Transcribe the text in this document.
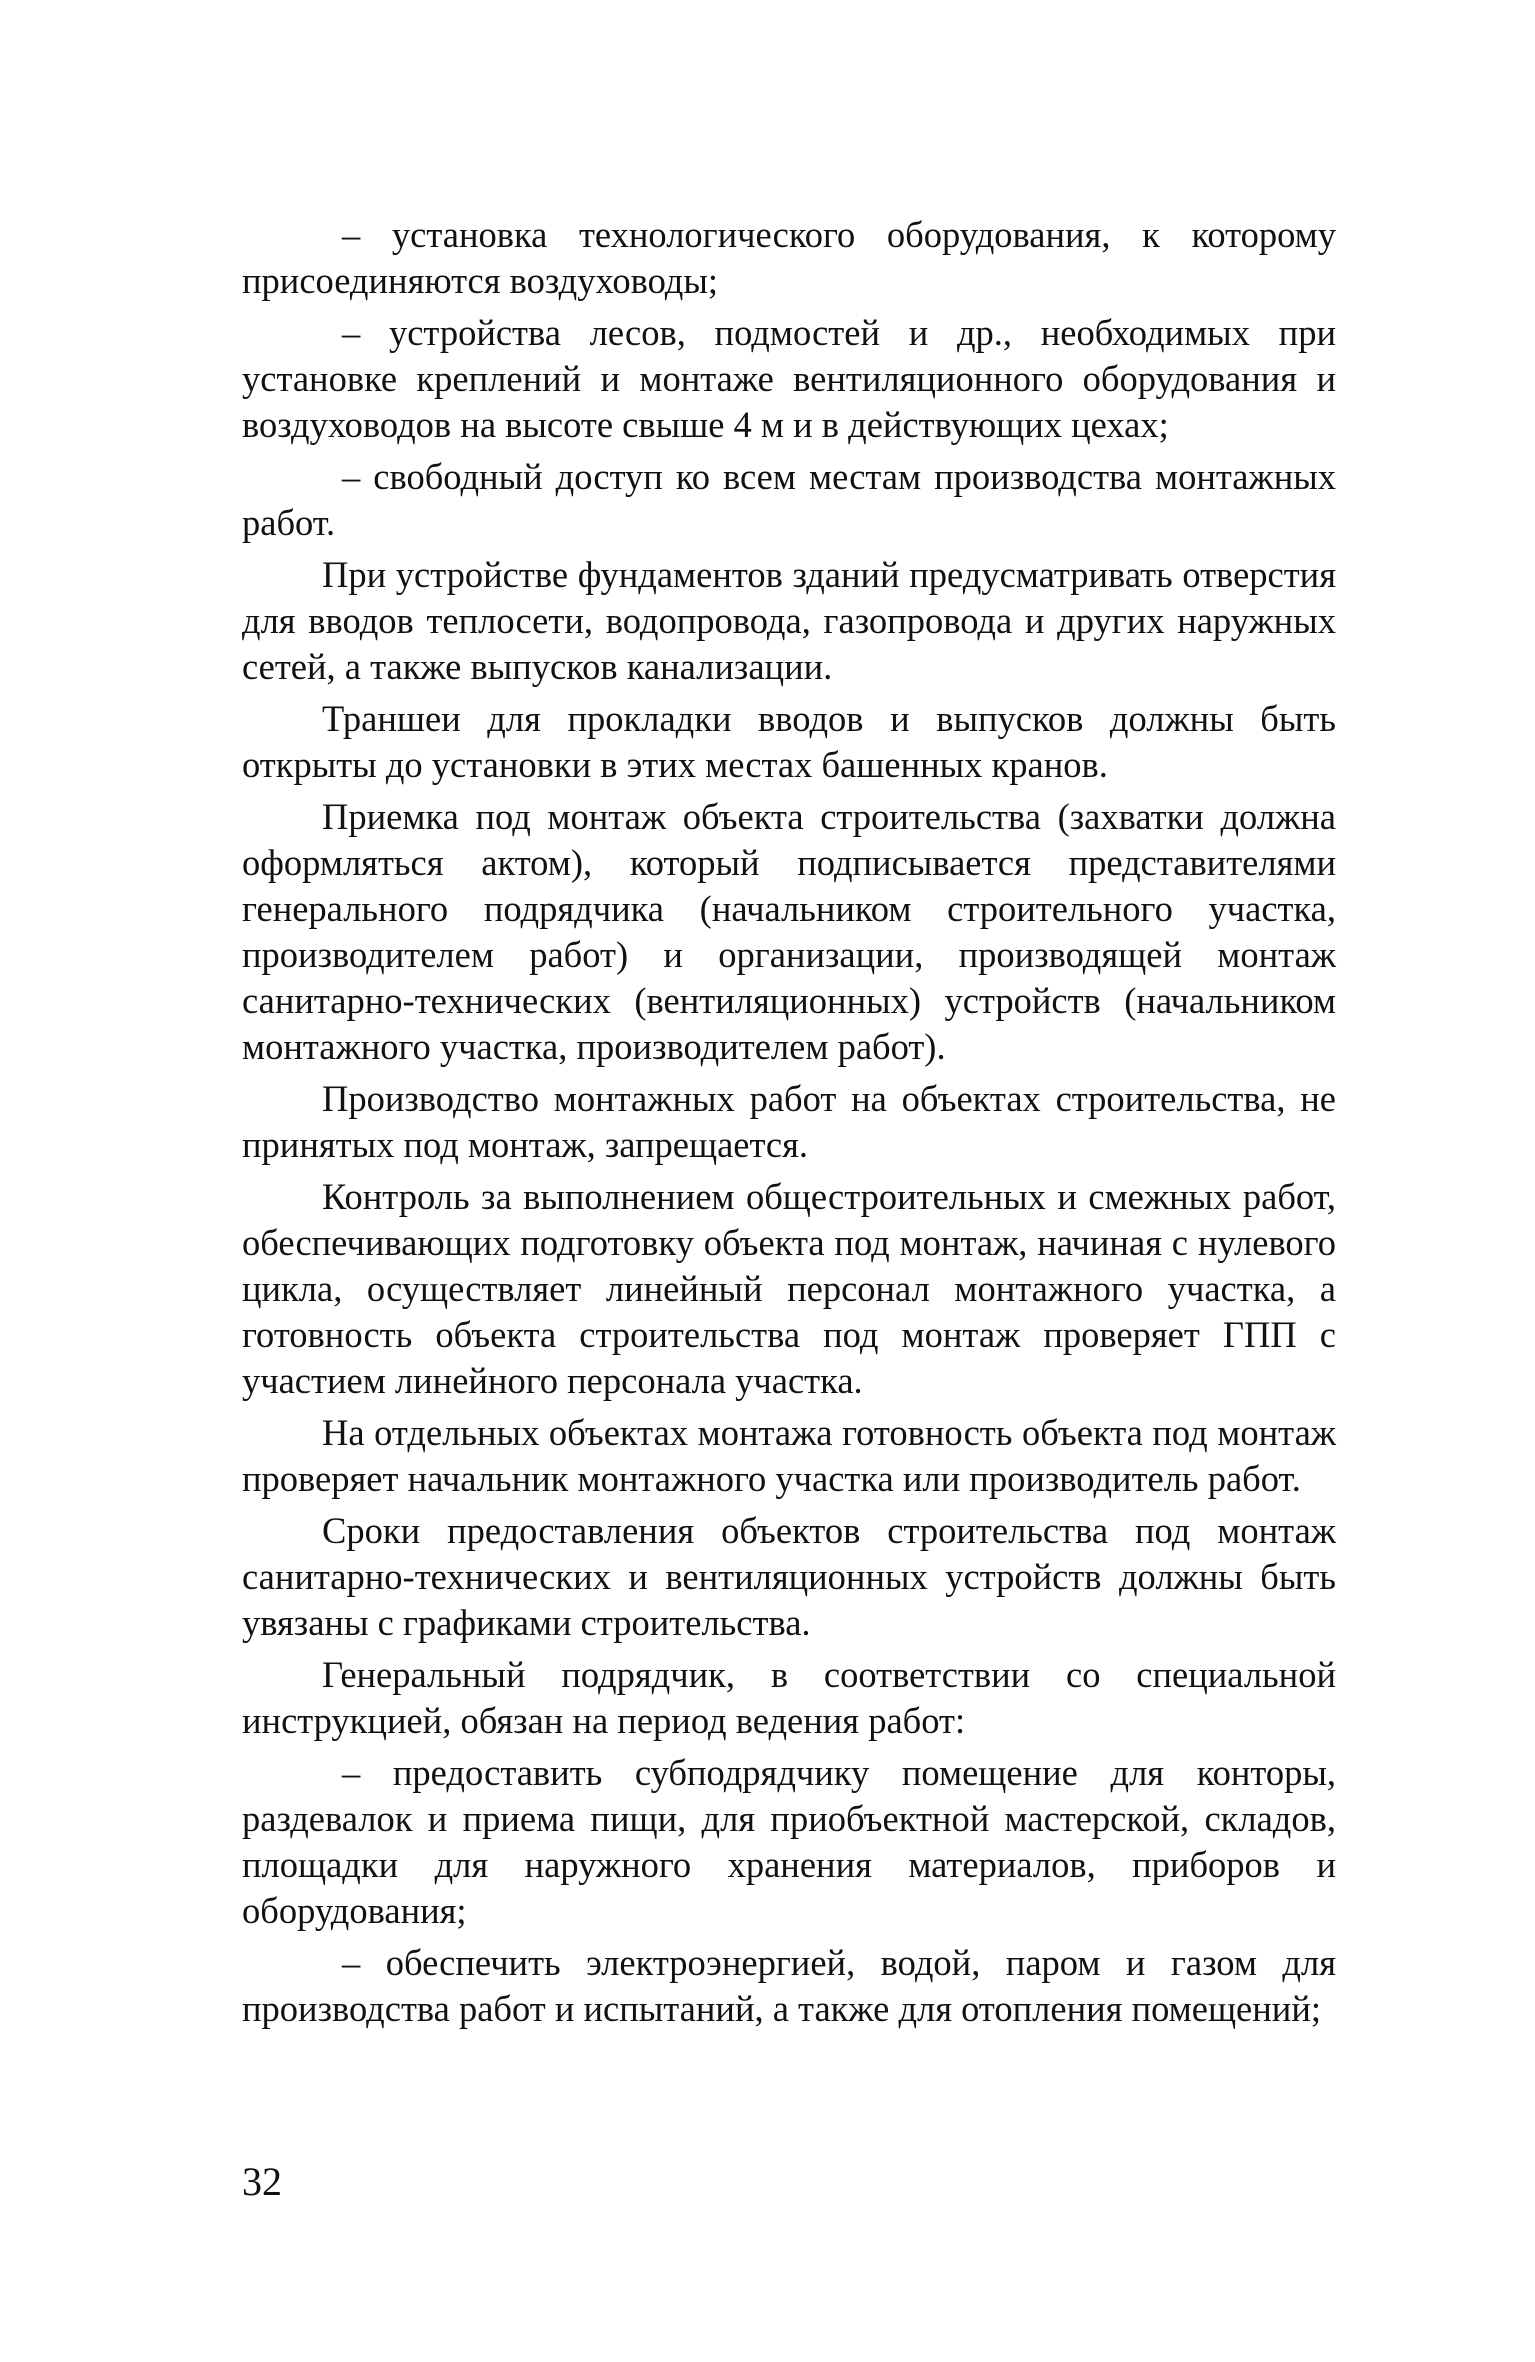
– установка технологического оборудования, к которому присоединяются воздуховоды;

– устройства лесов, подмостей и др., необходимых при установке креплений и монтаже вентиляционного оборудования и воздуховодов на высоте свыше 4 м и в действующих цехах;

– свободный доступ ко всем местам производства монтажных работ.

При устройстве фундаментов зданий предусматривать отверстия для вводов теплосети, водопровода, газопровода и других наружных сетей, а также выпусков канализации.

Траншеи для прокладки вводов и выпусков должны быть открыты до установки в этих местах башенных кранов.

Приемка под монтаж объекта строительства (захватки должна оформляться актом), который подписывается представителями генерального подрядчика (начальником строительного участка, производителем работ) и организации, производящей монтаж санитарно-технических (вентиляционных) устройств (начальником монтажного участка, производителем работ).

Производство монтажных работ на объектах строительства, не принятых под монтаж, запрещается.

Контроль за выполнением общестроительных и смежных работ, обеспечивающих подготовку объекта под монтаж, начиная с нулевого цикла, осуществляет линейный персонал монтажного участка, а готовность объекта строительства под монтаж проверяет ГПП с участием линейного персонала участка.

На отдельных объектах монтажа готовность объекта под монтаж проверяет начальник монтажного участка или производитель работ.

Сроки предоставления объектов строительства под монтаж санитарно-технических и вентиляционных устройств должны быть увязаны с графиками строительства.

Генеральный подрядчик, в соответствии со специальной инструкцией, обязан на период ведения работ:

– предоставить субподрядчику помещение для конторы, раздевалок и приема пищи, для приобъектной мастерской, складов, площадки для наружного хранения материалов, приборов и оборудования;

– обеспечить электроэнергией, водой, паром и газом для производства работ и испытаний, а также для отопления помещений;

32
